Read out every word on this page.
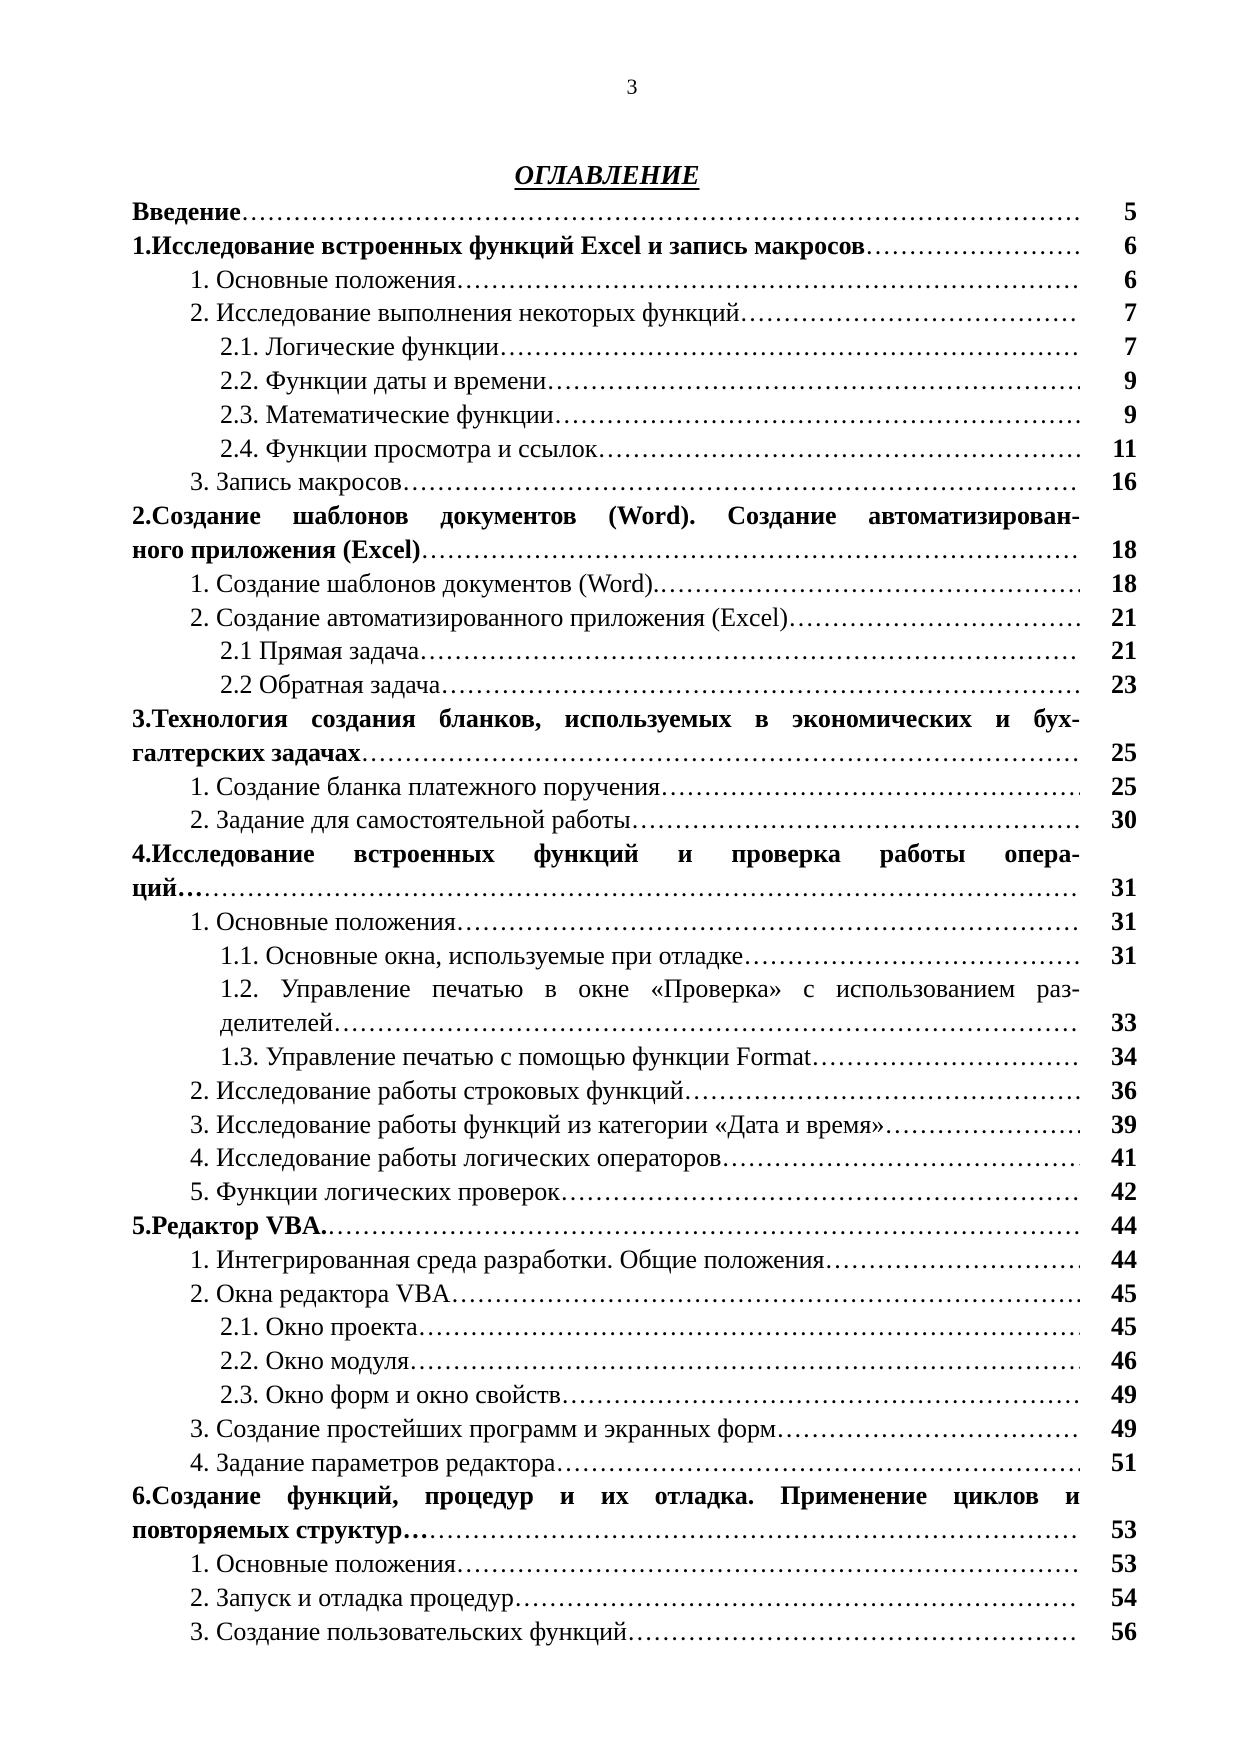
3
ОГЛАВЛЕНИЕ
Введение …………………………………………………………………………………………………………………………………………………………………………………………	5
1.Исследование встроенных функций Excel и запись макросов …………………………………………………………………………………………………………………………………………………………………………………………	6
1. Основные положения …………………………………………………………………………………………………………………………………………………………………………………………	6
2. Исследование выполнения некоторых функций …………………………………………………………………………………………………………………………………………………………………………………………	7
2.1. Логические функции …………………………………………………………………………………………………………………………………………………………………………………………	7
2.2. Функции даты и времени …………………………………………………………………………………………………………………………………………………………………………………………	9
2.3. Математические функции …………………………………………………………………………………………………………………………………………………………………………………………	9
2.4. Функции просмотра и ссылок …………………………………………………………………………………………………………………………………………………………………………………………	11
3. Запись макросов …………………………………………………………………………………………………………………………………………………………………………………………	16
2.Создание шаблонов документов (Word). Создание автоматизирован-
ного приложения (Excel) …………………………………………………………………………………………………………………………………………………………………………………………	18
1. Создание шаблонов документов (Word). …………………………………………………………………………………………………………………………………………………………………………………………	18
2. Создание автоматизированного приложения (Excel) …………………………………………………………………………………………………………………………………………………………………………………………	21
2.1 Прямая задача …………………………………………………………………………………………………………………………………………………………………………………………	21
2.2 Обратная задача …………………………………………………………………………………………………………………………………………………………………………………………	23
3.Технология создания бланков, используемых в экономических и бух-
галтерских задачах …………………………………………………………………………………………………………………………………………………………………………………………	25
1. Создание бланка платежного поручения …………………………………………………………………………………………………………………………………………………………………………………………	25
2. Задание для самостоятельной работы …………………………………………………………………………………………………………………………………………………………………………………………	30
4.Исследование встроенных функций и проверка работы опера-
ций… …………………………………………………………………………………………………………………………………………………………………………………………	31
1. Основные положения …………………………………………………………………………………………………………………………………………………………………………………………	31
1.1. Основные окна, используемые при отладке …………………………………………………………………………………………………………………………………………………………………………………………	31
1.2. Управление печатью в окне «Проверка» с использованием раз-
делителей …………………………………………………………………………………………………………………………………………………………………………………………	33
1.3. Управление печатью с помощью функции Format …………………………………………………………………………………………………………………………………………………………………………………………	34
2. Исследование работы строковых функций …………………………………………………………………………………………………………………………………………………………………………………………	36
3. Исследование работы функций из категории «Дата и время» …………………………………………………………………………………………………………………………………………………………………………………………	39
4. Исследование работы логических операторов …………………………………………………………………………………………………………………………………………………………………………………………	41
5. Функции логических проверок …………………………………………………………………………………………………………………………………………………………………………………………	42
5.Редактор VBA. …………………………………………………………………………………………………………………………………………………………………………………………	44
1. Интегрированная среда разработки. Общие положения …………………………………………………………………………………………………………………………………………………………………………………………	44
2. Окна редактора VBA …………………………………………………………………………………………………………………………………………………………………………………………	45
2.1. Окно проекта …………………………………………………………………………………………………………………………………………………………………………………………	45
2.2. Окно модуля …………………………………………………………………………………………………………………………………………………………………………………………	46
2.3. Окно форм и окно свойств …………………………………………………………………………………………………………………………………………………………………………………………	49
3. Создание простейших программ и экранных форм …………………………………………………………………………………………………………………………………………………………………………………………	49
4. Задание параметров редактора …………………………………………………………………………………………………………………………………………………………………………………………	51
6.Создание функций, процедур и их отладка. Применение циклов и
повторяемых структур… …………………………………………………………………………………………………………………………………………………………………………………………	53
1. Основные положения …………………………………………………………………………………………………………………………………………………………………………………………	53
2. Запуск и отладка процедур …………………………………………………………………………………………………………………………………………………………………………………………	54
3. Создание пользовательских функций …………………………………………………………………………………………………………………………………………………………………………………………	56
